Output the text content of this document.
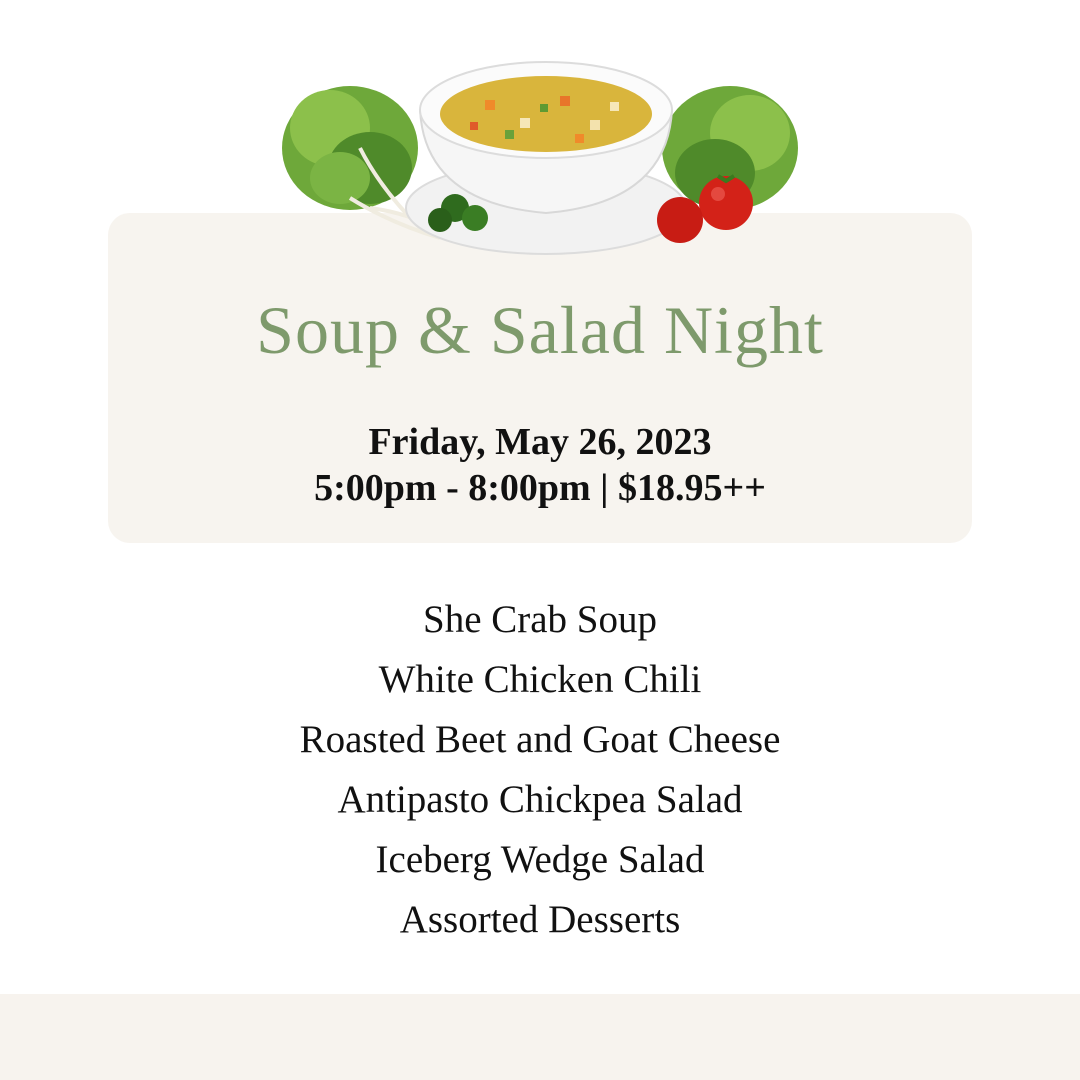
Soup & Salad Night
Friday, May 26, 2023
5:00pm - 8:00pm | $18.95++
She Crab Soup
White Chicken Chili
Roasted Beet and Goat Cheese
Antipasto Chickpea Salad
Iceberg Wedge Salad
Assorted Desserts
